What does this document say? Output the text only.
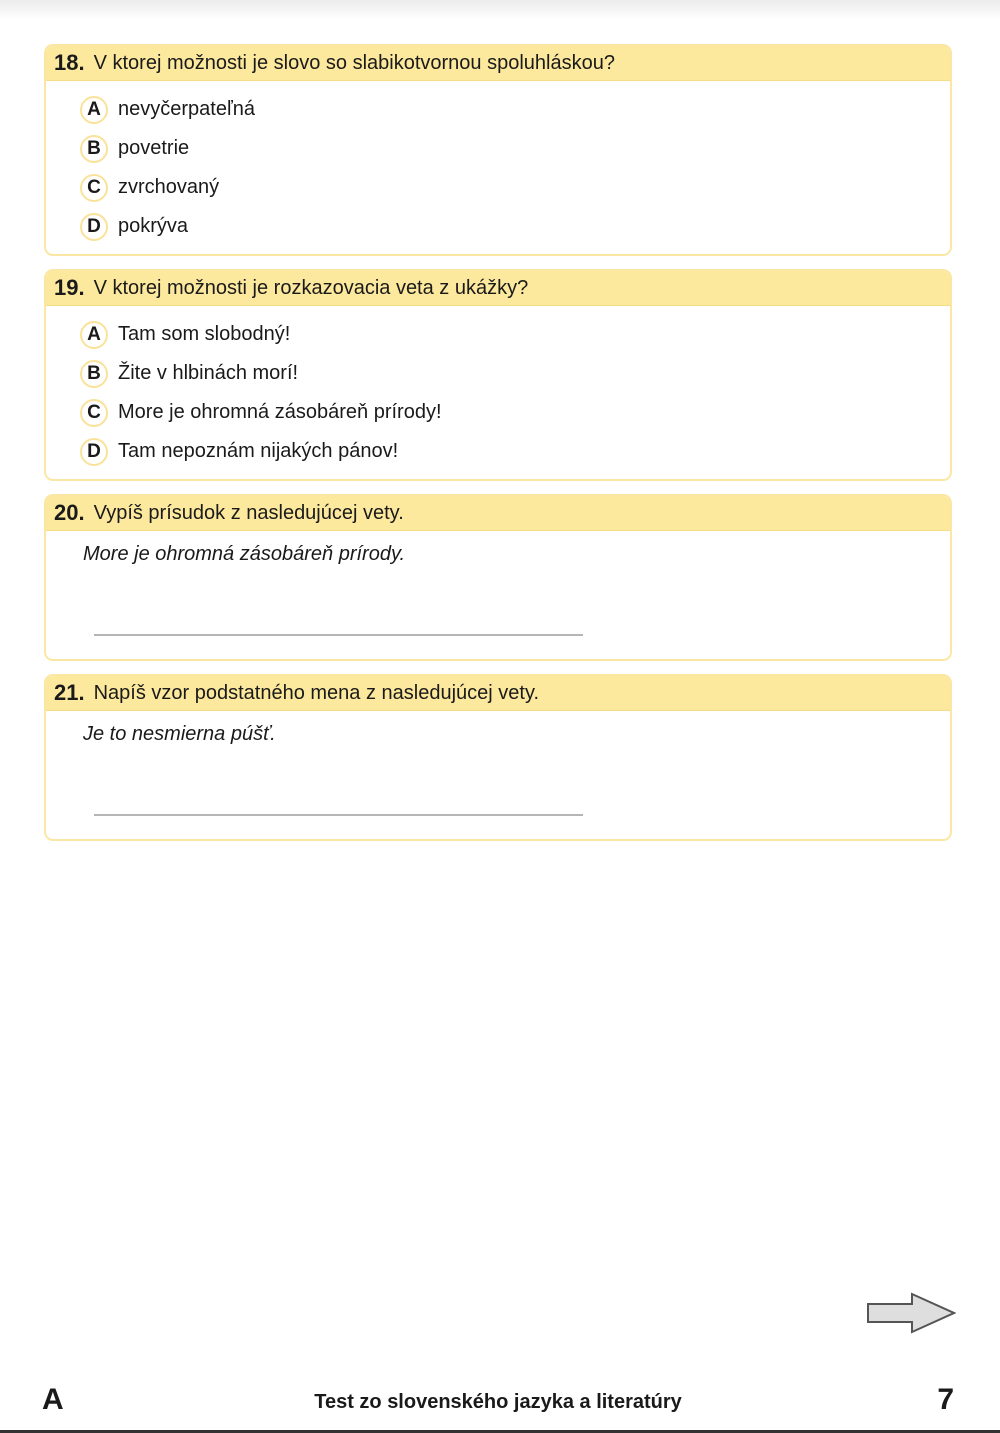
18. V ktorej možnosti je slovo so slabikotvornou spoluhláskou?
A nevyčerpateľná
B povetrie
C zvrchovaný
D pokrývа
19. V ktorej možnosti je rozkazovacia veta z ukážky?
A Tam som slobodný!
B Žite v hlbinách morí!
C More je ohromná zásobáreň prírody!
D Tam nepoznám nijakých pánov!
20. Vypíš prísudok z nasledujúcej vety.
More je ohromná zásobáreň prírody.
21. Napíš vzor podstatného mena z nasledujúcej vety.
Je to nesmierna púšť.
A	Test zo slovenského jazyka a literatúry	7
